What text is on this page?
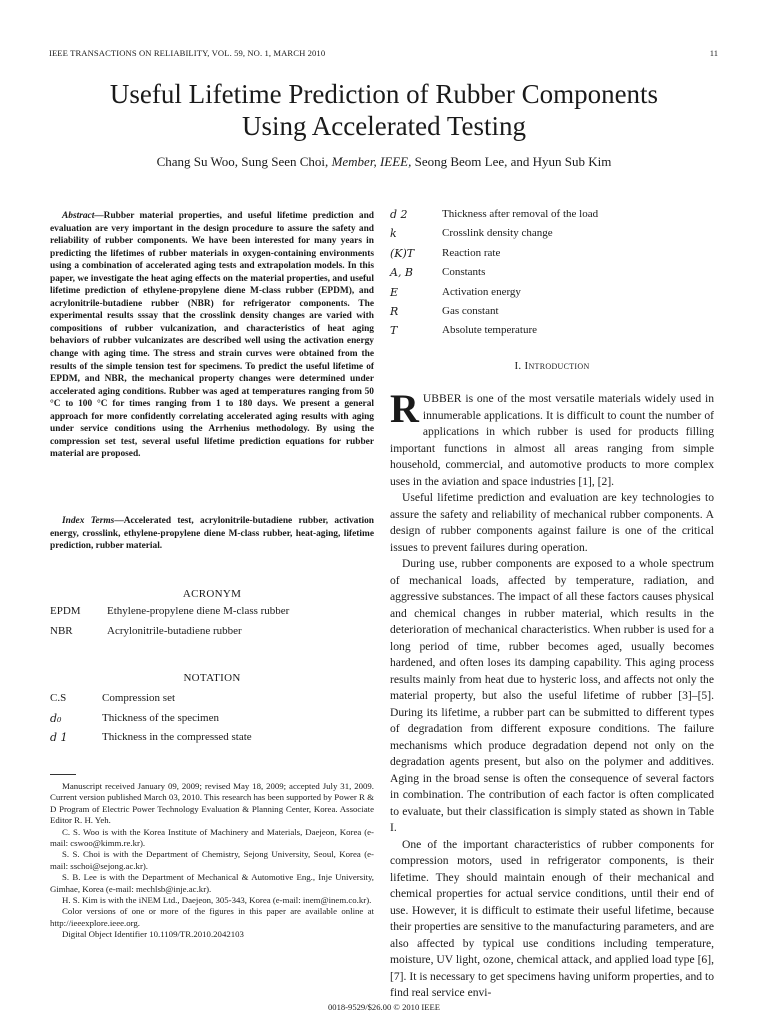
IEEE TRANSACTIONS ON RELIABILITY, VOL. 59, NO. 1, MARCH 2010	11
Useful Lifetime Prediction of Rubber Components
Using Accelerated Testing
Chang Su Woo, Sung Seen Choi, Member, IEEE, Seong Beom Lee, and Hyun Sub Kim
Abstract—Rubber material properties, and useful lifetime prediction and evaluation are very important in the design procedure to assure the safety and reliability of rubber components. We have been interested for many years in predicting the lifetimes of rubber materials in oxygen-containing environments using a combination of accelerated aging tests and extrapolation models. In this paper, we investigate the heat aging effects on the material properties, and useful lifetime prediction of ethylene-propylene diene M-class rubber (EPDM), and acrylonitrile-butadiene rubber (NBR) for refrigerator components. The experimental results sssay that the crosslink density changes are varied with compositions of rubber vulcanization, and characteristics of heat aging behaviors of rubber vulcanizates are described well using the activation energy change with aging time. The stress and strain curves were obtained from the results of the simple tension test for specimens. To predict the useful lifetime of EPDM, and NBR, the mechanical property changes were determined under accelerated aging conditions. Rubber was aged at temperatures ranging from 50 °C to 100 °C for times ranging from 1 to 180 days. We present a general approach for more confidently correlating accelerated aging results with aging under service conditions using the Arrhenius methodology. By using the compression set test, several useful lifetime prediction equations for rubber material are proposed.
Index Terms—Accelerated test, acrylonitrile-butadiene rubber, activation energy, crosslink, ethylene-propylene diene M-class rubber, heat-aging, lifetime prediction, rubber material.
ACRONYM
EPDM	Ethylene-propylene diene M-class rubber
NBR	Acrylonitrile-butadiene rubber
NOTATION
C.S	Compression set
d₀	Thickness of the specimen
d 1	Thickness in the compressed state

Manuscript received January 09, 2009; revised May 18, 2009; accepted July 31, 2009. Current version published March 03, 2010. This research has been supported by Power R & D Program of Electric Power Technology Evaluation & Planning Center, Korea. Associate Editor R. H. Yeh.

C. S. Woo is with the Korea Institute of Machinery and Materials, Daejeon, Korea (e-mail: cswoo@kimm.re.kr).

S. S. Choi is with the Department of Chemistry, Sejong University, Seoul, Korea (e-mail: sschoi@sejong.ac.kr).

S. B. Lee is with the Department of Mechanical & Automotive Eng., Inje University, Gimhae, Korea (e-mail: mechlsb@inje.ac.kr).

H. S. Kim is with the iNEM Ltd., Daejeon, 305-343, Korea (e-mail: inem@inem.co.kr).

Color versions of one or more of the figures in this paper are available online at http://ieeexplore.ieee.org.

Digital Object Identifier 10.1109/TR.2010.2042103

d 2	Thickness after removal of the load
k	Crosslink density change
(K)T	Reaction rate
A, B	Constants
E	Activation energy
R	Gas constant
T	Absolute temperature
I. Introduction

RUBBER is one of the most versatile materials widely used in innumerable applications. It is difficult to count the number of applications in which rubber is used for products filling important functions in almost all areas ranging from simple household, commercial, and automotive products to more complex uses in the aviation and space industries [1], [2].

Useful lifetime prediction and evaluation are key technologies to assure the safety and reliability of mechanical rubber components. A design of rubber components against failure is one of the critical issues to prevent failures during operation.

During use, rubber components are exposed to a whole spectrum of mechanical loads, affected by temperature, radiation, and aggressive substances. The impact of all these factors causes physical and chemical changes in rubber material, which results in the deterioration of mechanical characteristics. When rubber is used for a long period of time, rubber becomes aged, usually becomes hardened, and often loses its damping capability. This aging process results mainly from heat due to hysteric loss, and affects not only the material property, but also the useful lifetime of rubber [3]–[5]. During its lifetime, a rubber part can be submitted to different types of degradation from different exposure conditions. The failure mechanisms which produce degradation depend not only on the degradation agents present, but also on the polymer and additives. Aging in the broad sense is often the consequence of several factors in combination. The contribution of each factor is often complicated to evaluate, but their classification is simply stated as shown in Table I.

One of the important characteristics of rubber components for compression motors, used in refrigerator components, is their lifetime. They should maintain enough of their mechanical and chemical properties for actual service conditions, until their end of use. However, it is difficult to estimate their useful lifetime, because their properties are sensitive to the manufacturing parameters, and are also affected by typical use conditions including temperature, moisture, UV light, ozone, chemical attack, and applied load type [6], [7]. It is necessary to get specimens having uniform properties, and to find real service envi-

0018-9529/$26.00 © 2010 IEEE
